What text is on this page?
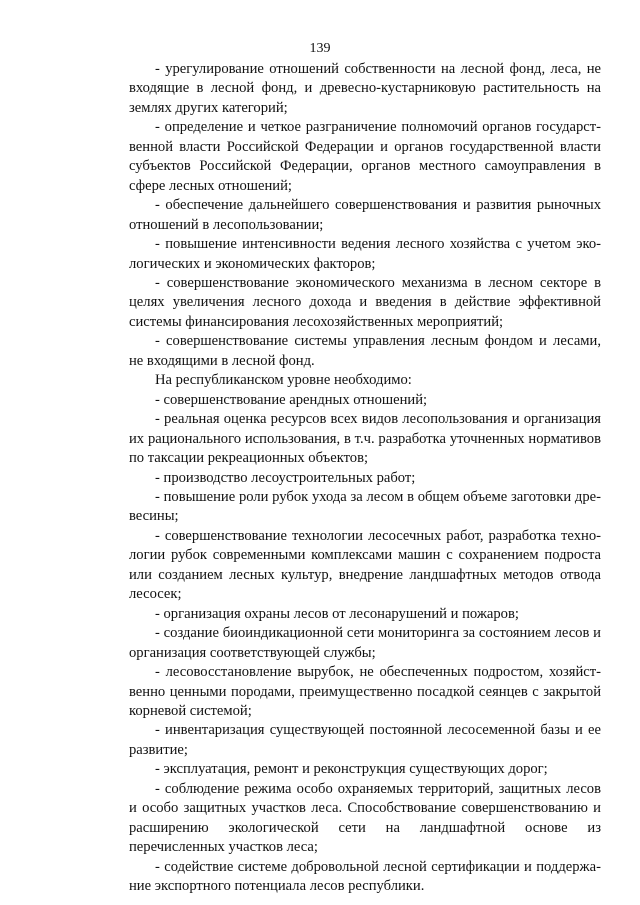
139

- урегулирование отношений собственности на лесной фонд, леса, не входящие в лесной фонд, и древесно-кустарниковую растительность на землях других категорий;

- определение и четкое разграничение полномочий органов государственной власти Российской Федерации и органов государственной власти субъектов Российской Федерации, органов местного самоуправления в сфере лесных отношений;

- обеспечение дальнейшего совершенствования и развития рыночных отношений в лесопользовании;

- повышение интенсивности ведения лесного хозяйства с учетом экологических и экономических факторов;

- совершенствование экономического механизма в лесном секторе в целях увеличения лесного дохода и введения в действие эффективной системы финансирования лесохозяйственных мероприятий;

- совершенствование системы управления лесным фондом и лесами, не входящими в лесной фонд.

На республиканском уровне необходимо:

- совершенствование арендных отношений;

- реальная оценка ресурсов всех видов лесопользования и организация их рационального использования, в т.ч. разработка уточненных нормативов по таксации рекреационных объектов;

- производство лесоустроительных работ;

- повышение роли рубок ухода за лесом в общем объеме заготовки древесины;

- совершенствование технологии лесосечных работ, разработка технологии рубок современными комплексами машин с сохранением подроста или созданием лесных культур, внедрение ландшафтных методов отвода лесосек;

- организация охраны лесов от лесонарушений и пожаров;

- создание биоиндикационной сети мониторинга за состоянием лесов и организация соответствующей службы;

- лесовосстановление вырубок, не обеспеченных подростом, хозяйственно ценными породами, преимущественно посадкой сеянцев с закрытой корневой системой;

- инвентаризация существующей постоянной лесосеменной базы и ее развитие;

- эксплуатация, ремонт и реконструкция существующих дорог;

- соблюдение режима особо охраняемых территорий, защитных лесов и особо защитных участков леса. Способствование совершенствованию и расширению экологической сети на ландшафтной основе из перечисленных участков леса;

- содействие системе добровольной лесной сертификации и поддержание экспортного потенциала лесов республики.
